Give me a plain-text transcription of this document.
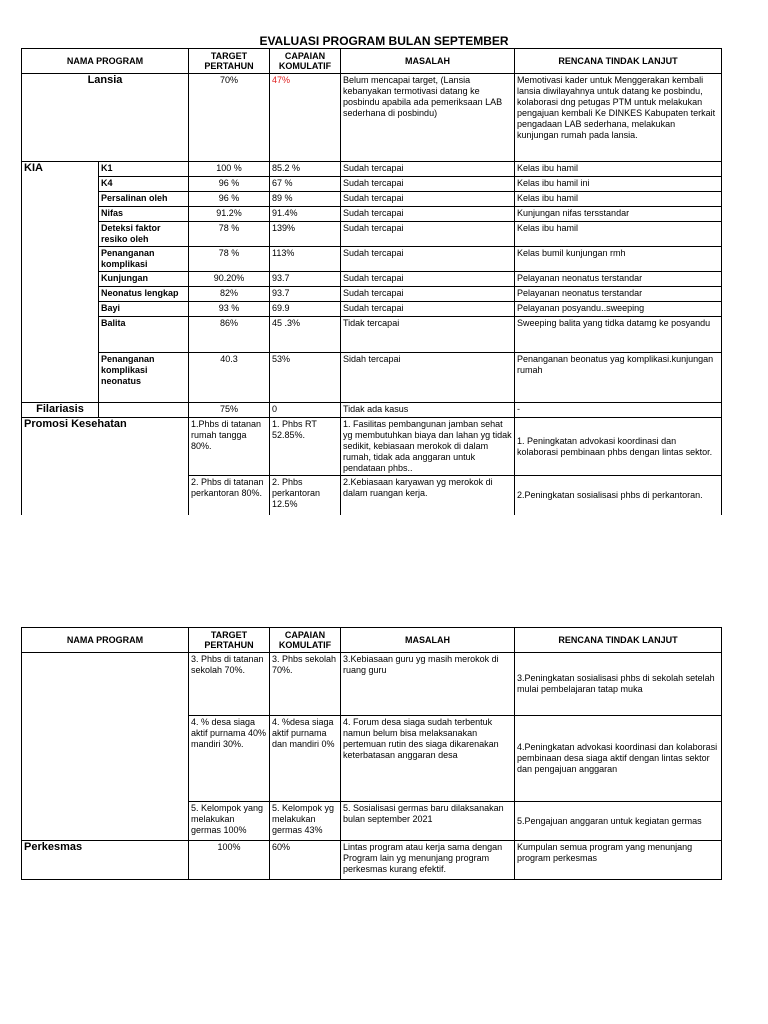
EVALUASI PROGRAM BULAN SEPTEMBER
NAMA PROGRAM		TARGET PERTAHUN	CAPAIAN KOMULATIF	MASALAH	RENCANA TINDAK LANJUT
Lansia		70%	47%	Belum mencapai target, (Lansia kebanyakan termotivasi datang ke posbindu apabila ada pemeriksaan LAB sederhana di posbindu)	Memotivasi kader untuk Menggerakan kembali lansia diwilayahnya untuk datang ke posbindu, kolaborasi dng petugas PTM untuk melakukan pengajuan kembali Ke DINKES Kabupaten terkait pengadaan LAB sederhana, melakukan kunjungan rumah pada lansia.
KIA	K1	100 %	85.2 %	Sudah tercapai	Kelas ibu hamil
	K4	96 %	67 %	Sudah tercapai	Kelas ibu hamil ini
	Persalinan oleh	96 %	89 %	Sudah tercapai	Kelas ibu hamil
	Nifas	91.2%	91.4%	Sudah tercapai	Kunjungan nifas tersstandar
	Deteksi faktor resiko oleh	78 %	139%	Sudah tercapai	Kelas ibu hamil
	Penanganan komplikasi	78 %	113%	Sudah tercapai	Kelas bumil kunjungan rmh
	Kunjungan	90.20%	93.7	Sudah tercapai	Pelayanan neonatus terstandar
	Neonatus lengkap	82%	93.7	Sudah tercapai	Pelayanan neonatus terstandar
	Bayi	93 %	69.9	Sudah tercapai	Pelayanan posyandu..sweeping
	Balita	86%	45 .3%	Tidak tercapai	Sweeping balita yang tidka datamg ke posyandu
	Penanganan komplikasi neonatus	40.3	53%	Sidah tercapai	Penanganan beonatus yag komplikasi.kunjungan rumah
Filariasis		75%	0	Tidak ada kasus	-
Promosi Kesehatan		1.Phbs di tatanan rumah tangga 80%.	1. Phbs RT 52.85%.	1. Fasilitas pembangunan jamban sehat yg membutuhkan biaya dan lahan yg tidak sedikit, kebiasaan merokok di dalam rumah, tidak ada anggaran untuk pendataan phbs..	1. Peningkatan advokasi koordinasi dan kolaborasi pembinaan phbs dengan lintas sektor.
		2. Phbs di tatanan perkantoran 80%.	2. Phbs perkantoran 12.5%	2.Kebiasaan karyawan yg merokok di dalam ruangan kerja.	2.Peningkatan sosialisasi phbs di perkantoran.
NAMA PROGRAM	TARGET PERTAHUN	CAPAIAN KOMULATIF	MASALAH	RENCANA TINDAK LANJUT
	3. Phbs di tatanan sekolah 70%.	3. Phbs sekolah 70%.	3.Kebiasaan guru yg masih merokok di ruang guru	3.Peningkatan sosialisasi phbs di sekolah setelah mulai pembelajaran tatap muka
	4. % desa siaga aktif purnama 40% mandiri 30%.	4. %desa siaga aktif purnama dan mandiri 0%	4. Forum desa siaga sudah terbentuk namun belum bisa melaksanakan pertemuan rutin des siaga dikarenakan keterbatasan anggaran desa	4.Peningkatan advokasi koordinasi dan kolaborasi pembinaan desa siaga aktif dengan lintas sektor dan pengajuan anggaran
	5. Kelompok yang melakukan germas 100%	5. Kelompok yg melakukan germas 43%	5. Sosialisasi germas baru dilaksanakan bulan september 2021	5.Pengajuan anggaran untuk kegiatan germas
Perkesmas	100%	60%	Lintas program atau kerja sama dengan Program lain yg menunjang program perkesmas kurang efektif.	Kumpulan semua program yang menunjang program perkesmas
